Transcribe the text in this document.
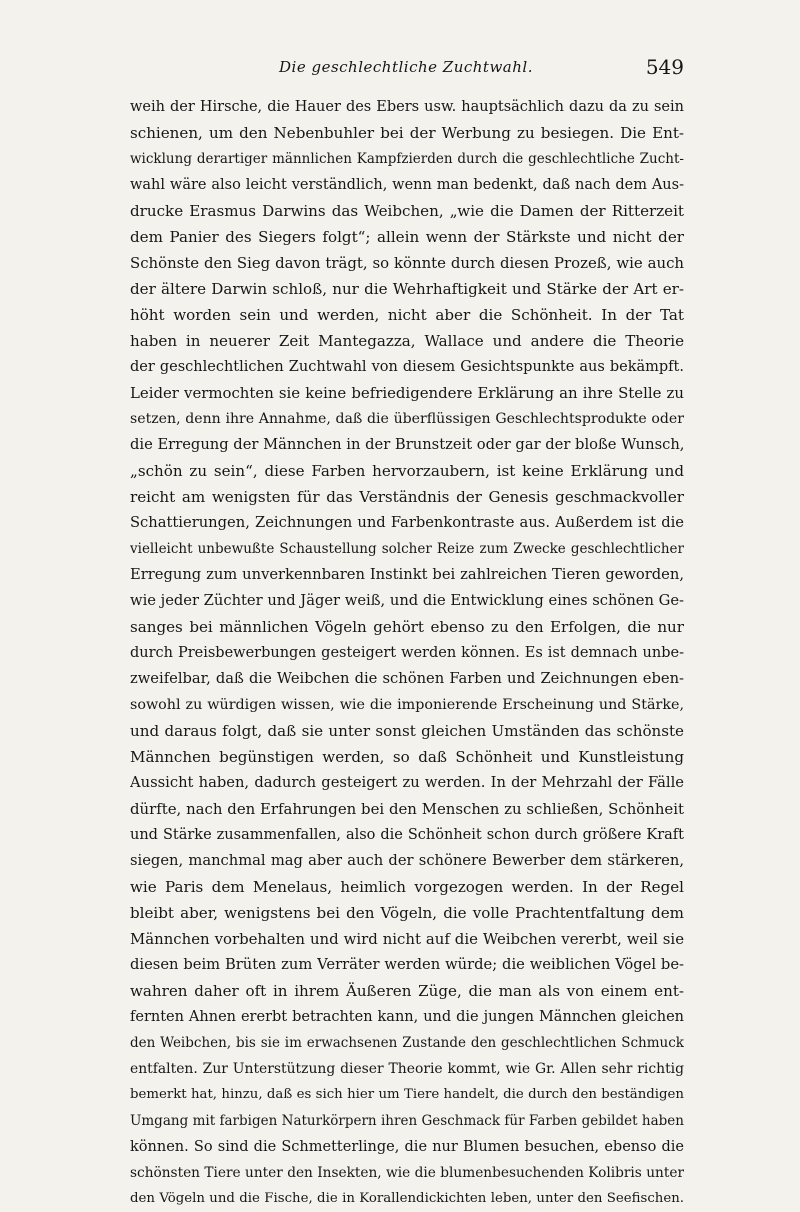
Die geschlechtliche Zuchtwahl.	549
weih der Hirsche, die Hauer des Ebers usw. hauptsächlich dazu da zu sein
schienen, um den Nebenbuhler bei der Werbung zu besiegen. Die Ent-
wicklung derartiger männlichen Kampfzierden durch die geschlechtliche Zucht-
wahl wäre also leicht verständlich, wenn man bedenkt, daß nach dem Aus-
drucke Erasmus Darwins das Weibchen, „wie die Damen der Ritterzeit
dem Panier des Siegers folgt“; allein wenn der Stärkste und nicht der
Schönste den Sieg davon trägt, so könnte durch diesen Prozeß, wie auch
der ältere Darwin schloß, nur die Wehrhaftigkeit und Stärke der Art er-
höht worden sein und werden, nicht aber die Schönheit. In der Tat
haben in neuerer Zeit Mantegazza, Wallace und andere die Theorie
der geschlechtlichen Zuchtwahl von diesem Gesichtspunkte aus bekämpft.
Leider vermochten sie keine befriedigendere Erklärung an ihre Stelle zu
setzen, denn ihre Annahme, daß die überflüssigen Geschlechtsprodukte oder
die Erregung der Männchen in der Brunstzeit oder gar der bloße Wunsch,
„schön zu sein“, diese Farben hervorzaubern, ist keine Erklärung und
reicht am wenigsten für das Verständnis der Genesis geschmackvoller
Schattierungen, Zeichnungen und Farbenkontraste aus. Außerdem ist die
vielleicht unbewußte Schaustellung solcher Reize zum Zwecke geschlechtlicher
Erregung zum unverkennbaren Instinkt bei zahlreichen Tieren geworden,
wie jeder Züchter und Jäger weiß, und die Entwicklung eines schönen Ge-
sanges bei männlichen Vögeln gehört ebenso zu den Erfolgen, die nur
durch Preisbewerbungen gesteigert werden können. Es ist demnach unbe-
zweifelbar, daß die Weibchen die schönen Farben und Zeichnungen eben-
sowohl zu würdigen wissen, wie die imponierende Erscheinung und Stärke,
und daraus folgt, daß sie unter sonst gleichen Umständen das schönste
Männchen begünstigen werden, so daß Schönheit und Kunstleistung
Aussicht haben, dadurch gesteigert zu werden. In der Mehrzahl der Fälle
dürfte, nach den Erfahrungen bei den Menschen zu schließen, Schönheit
und Stärke zusammenfallen, also die Schönheit schon durch größere Kraft
siegen, manchmal mag aber auch der schönere Bewerber dem stärkeren,
wie Paris dem Menelaus, heimlich vorgezogen werden. In der Regel
bleibt aber, wenigstens bei den Vögeln, die volle Prachtentfaltung dem
Männchen vorbehalten und wird nicht auf die Weibchen vererbt, weil sie
diesen beim Brüten zum Verräter werden würde; die weiblichen Vögel be-
wahren daher oft in ihrem Äußeren Züge, die man als von einem ent-
fernten Ahnen ererbt betrachten kann, und die jungen Männchen gleichen
den Weibchen, bis sie im erwachsenen Zustande den geschlechtlichen Schmuck
entfalten. Zur Unterstützung dieser Theorie kommt, wie Gr. Allen sehr richtig
bemerkt hat, hinzu, daß es sich hier um Tiere handelt, die durch den beständigen
Umgang mit farbigen Naturkörpern ihren Geschmack für Farben gebildet haben
können. So sind die Schmetterlinge, die nur Blumen besuchen, ebenso die
schönsten Tiere unter den Insekten, wie die blumenbesuchenden Kolibris unter
den Vögeln und die Fische, die in Korallendickichten leben, unter den Seefischen.
